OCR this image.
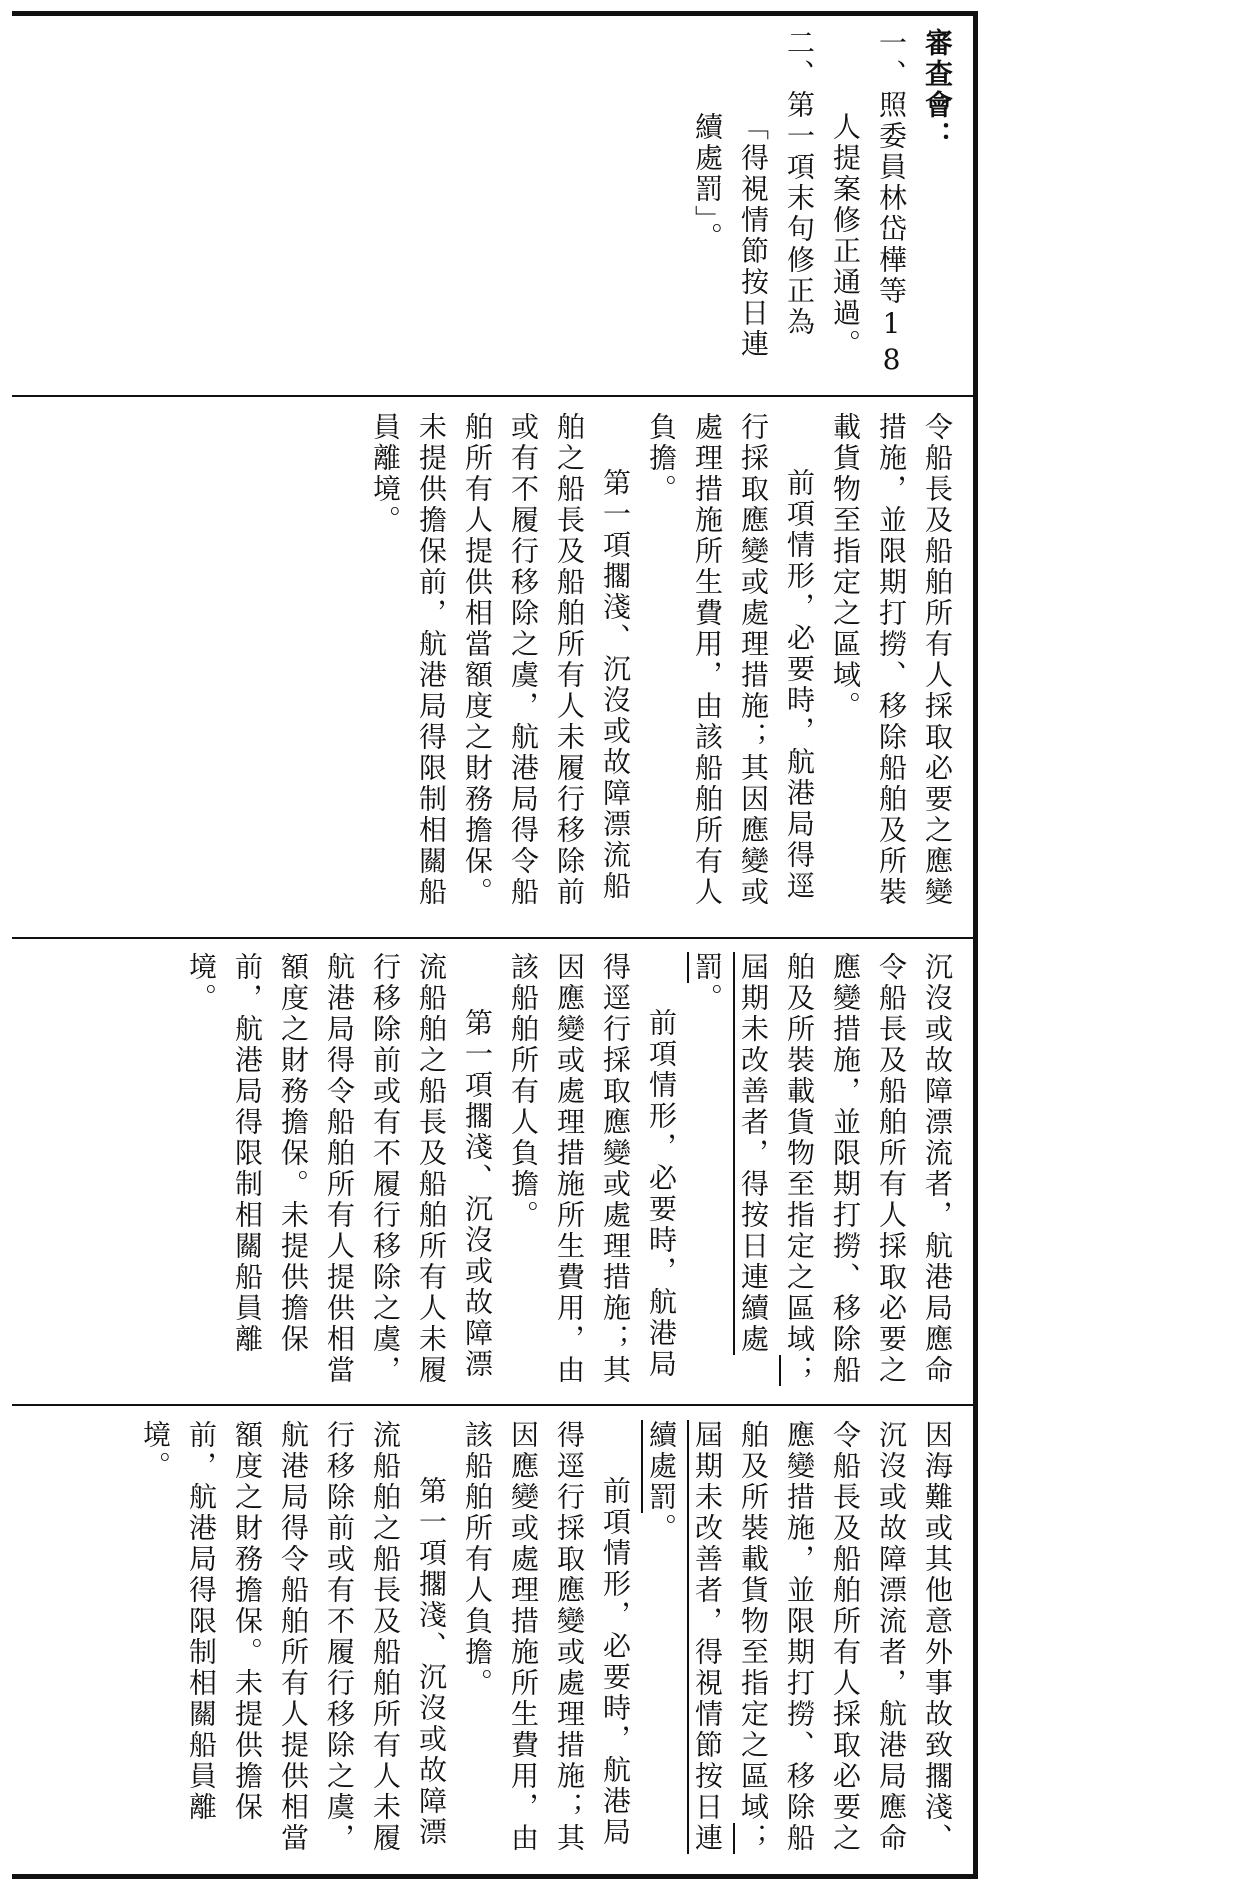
審查會：

一、照委員林岱樺等18人提案修正通過。

二、第一項末句修正為「得視情節按日連續處罰」。

令船長及船舶所有人採取必要之應變措施，並限期打撈、移除船舶及所裝載貨物至指定之區域。

前項情形，必要時，航港局得逕行採取應變或處理措施；其因應變或處理措施所生費用，由該船舶所有人負擔。

第一項擱淺、沉沒或故障漂流船舶之船長及船舶所有人未履行移除前或有不履行移除之虞，航港局得令船舶所有人提供相當額度之財務擔保。未提供擔保前，航港局得限制相關船員離境。

沉沒或故障漂流者，航港局應命令船長及船舶所有人採取必要之應變措施，並限期打撈、移除船舶及所裝載貨物至指定之區域；屆期未改善者，得按日連續處罰。

前項情形，必要時，航港局得逕行採取應變或處理措施；其因應變或處理措施所生費用，由該船舶所有人負擔。

第一項擱淺、沉沒或故障漂流船舶之船長及船舶所有人未履行移除前或有不履行移除之虞，航港局得令船舶所有人提供相當額度之財務擔保。未提供擔保前，航港局得限制相關船員離境。

因海難或其他意外事故致擱淺、沉沒或故障漂流者，航港局應命令船長及船舶所有人採取必要之應變措施，並限期打撈、移除船舶及所裝載貨物至指定之區域；屆期未改善者，得視情節按日連續處罰。

前項情形，必要時，航港局得逕行採取應變或處理措施；其因應變或處理措施所生費用，由該船舶所有人負擔。

第一項擱淺、沉沒或故障漂流船舶之船長及船舶所有人未履行移除前或有不履行移除之虞，航港局得令船舶所有人提供相當額度之財務擔保。未提供擔保前，航港局得限制相關船員離境。
